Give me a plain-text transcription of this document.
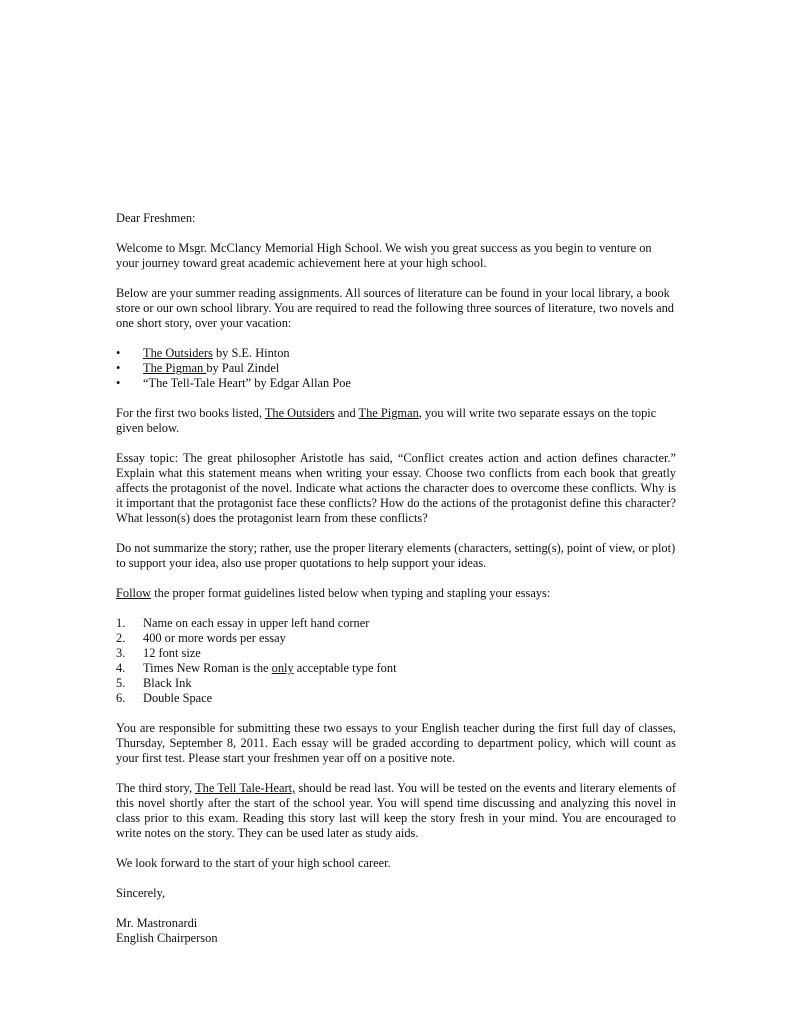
Dear Freshmen:

Welcome to Msgr. McClancy Memorial High School. We wish you great success as you begin to venture on your journey toward great academic achievement here at your high school.

Below are your summer reading assignments. All sources of literature can be found in your local library, a book store or our own school library. You are required to read the following three sources of literature, two novels and one short story, over your vacation:

• The Outsiders by S.E. Hinton
• The Pigman by Paul Zindel
• “The Tell-Tale Heart” by Edgar Allan Poe

For the first two books listed, The Outsiders and The Pigman, you will write two separate essays on the topic given below.

Essay topic: The great philosopher Aristotle has said, “Conflict creates action and action defines character.” Explain what this statement means when writing your essay. Choose two conflicts from each book that greatly affects the protagonist of the novel. Indicate what actions the character does to overcome these conflicts. Why is it important that the protagonist face these conflicts? How do the actions of the protagonist define this character? What lesson(s) does the protagonist learn from these conflicts?

Do not summarize the story; rather, use the proper literary elements (characters, setting(s), point of view, or plot) to support your idea, also use proper quotations to help support your ideas.

Follow the proper format guidelines listed below when typing and stapling your essays:

1. Name on each essay in upper left hand corner
2. 400 or more words per essay
3. 12 font size
4. Times New Roman is the only acceptable type font
5. Black Ink
6. Double Space

You are responsible for submitting these two essays to your English teacher during the first full day of classes, Thursday, September 8, 2011. Each essay will be graded according to department policy, which will count as your first test. Please start your freshmen year off on a positive note.

The third story, The Tell Tale-Heart, should be read last. You will be tested on the events and literary elements of this novel shortly after the start of the school year. You will spend time discussing and analyzing this novel in class prior to this exam. Reading this story last will keep the story fresh in your mind. You are encouraged to write notes on the story. They can be used later as study aids.

We look forward to the start of your high school career.

Sincerely,

Mr. Mastronardi
English Chairperson
